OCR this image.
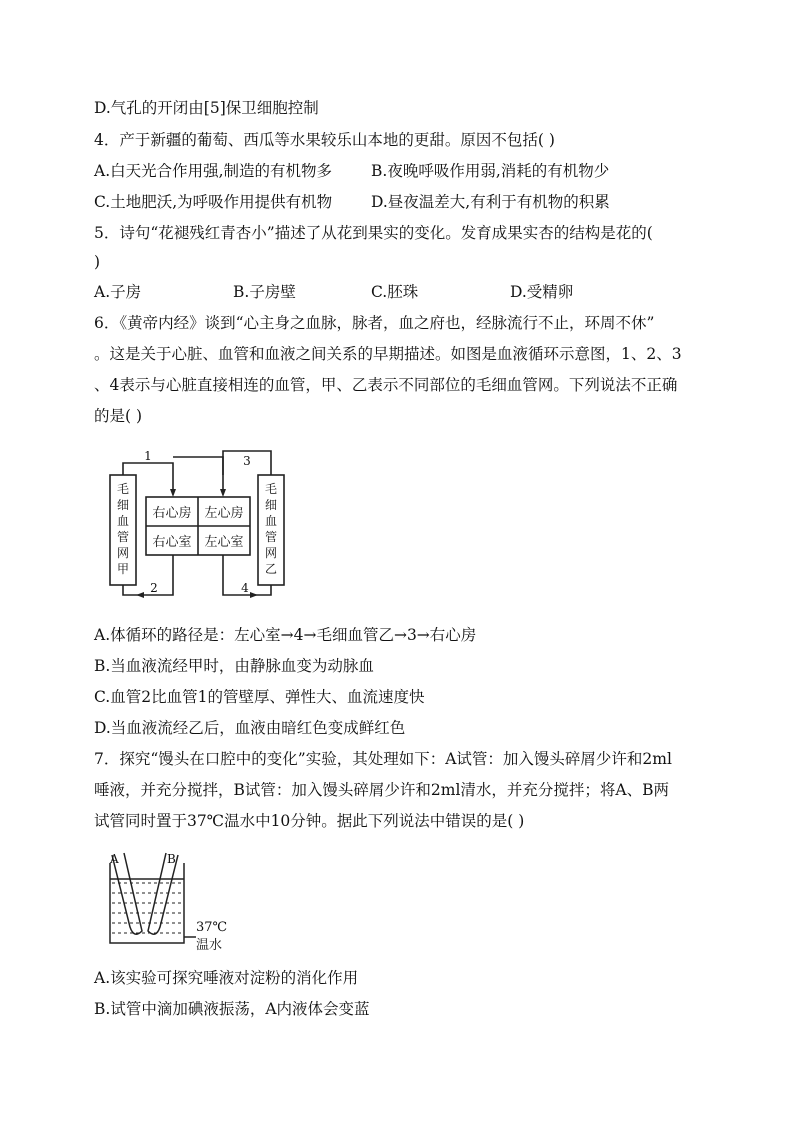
D.气孔的开闭由[5]保卫细胞控制
4．产于新疆的葡萄、西瓜等水果较乐山本地的更甜。原因不包括( )
A.白天光合作用强,制造的有机物多	B.夜晚呼吸作用弱,消耗的有机物少
C.土地肥沃,为呼吸作用提供有机物	D.昼夜温差大,有利于有机物的积累
5．诗句“花褪残红青杏小”描述了从花到果实的变化。发育成果实杏的结构是花的(
)
A.子房	B.子房壁	C.胚珠	D.受精卵
6．《黄帝内经》谈到“心主身之血脉，脉者，血之府也，经脉流行不止，环周不休”
。这是关于心脏、血管和血液之间关系的早期描述。如图是血液循环示意图，1、2、3
、4表示与心脏直接相连的血管，甲、乙表示不同部位的毛细血管网。下列说法不正确
的是( )
毛
细
血
管
网
甲
毛
细
血
管
网
乙
右心房 左心房
右心室 左心室
1
2
3
4
A.体循环的路径是：左心室→4→毛细血管乙→3→右心房
B.当血液流经甲时，由静脉血变为动脉血
C.血管2比血管1的管壁厚、弹性大、血流速度快
D.当血液流经乙后，血液由暗红色变成鲜红色
7．探究“馒头在口腔中的变化”实验，其处理如下：A试管：加入馒头碎屑少许和2ml
唾液，并充分搅拌，B试管：加入馒头碎屑少许和2ml清水，并充分搅拌；将A、B两
试管同时置于37℃温水中10分钟。据此下列说法中错误的是( )
A	B
37℃
温水
A.该实验可探究唾液对淀粉的消化作用
B.试管中滴加碘液振荡，A内液体会变蓝
